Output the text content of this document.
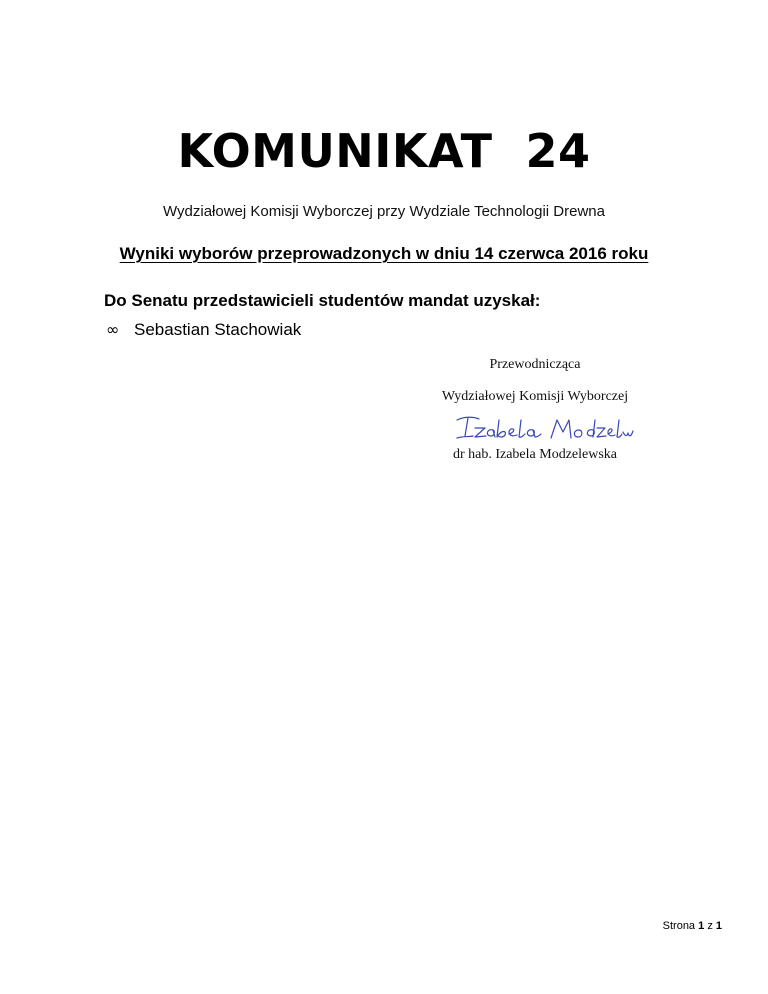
KOMUNIKAT  24
Wydziałowej Komisji Wyborczej przy Wydziale Technologii Drewna
Wyniki wyborów przeprowadzonych w dniu 14 czerwca 2016 roku
Do Senatu przedstawicieli studentów mandat uzyskał:
∞ Sebastian Stachowiak
Przewodnicząca
Wydziałowej Komisji Wyborczej
dr hab. Izabela Modzelewska
Strona 1 z 1
